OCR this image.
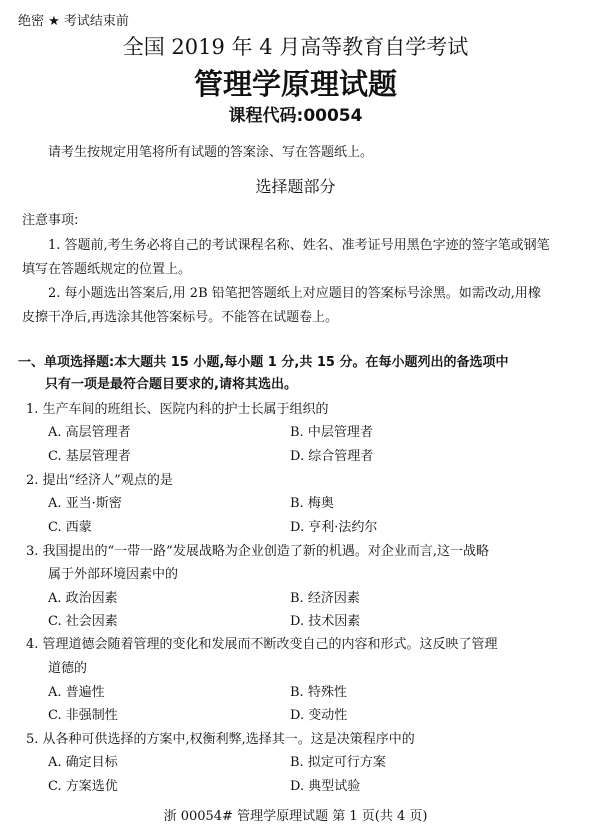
绝密 ★ 考试结束前
全国 2019 年 4 月高等教育自学考试
管理学原理试题
课程代码:00054
请考生按规定用笔将所有试题的答案涂、写在答题纸上。
选择题部分
注意事项:
1. 答题前,考生务必将自己的考试课程名称、姓名、准考证号用黑色字迹的签字笔或钢笔
填写在答题纸规定的位置上。
2. 每小题选出答案后,用 2B 铅笔把答题纸上对应题目的答案标号涂黑。如需改动,用橡
皮擦干净后,再选涂其他答案标号。不能答在试题卷上。
一、单项选择题:本大题共 15 小题,每小题 1 分,共 15 分。在每小题列出的备选项中
只有一项是最符合题目要求的,请将其选出。
1. 生产车间的班组长、医院内科的护士长属于组织的
A. 高层管理者	B. 中层管理者
C. 基层管理者	D. 综合管理者
2. 提出“经济人”观点的是
A. 亚当·斯密	B. 梅奥
C. 西蒙	D. 亨利·法约尔
3. 我国提出的“一带一路”发展战略为企业创造了新的机遇。对企业而言,这一战略
属于外部环境因素中的
A. 政治因素	B. 经济因素
C. 社会因素	D. 技术因素
4. 管理道德会随着管理的变化和发展而不断改变自己的内容和形式。这反映了管理
道德的
A. 普遍性	B. 特殊性
C. 非强制性	D. 变动性
5. 从各种可供选择的方案中,权衡利弊,选择其一。这是决策程序中的
A. 确定目标	B. 拟定可行方案
C. 方案选优	D. 典型试验
浙 00054# 管理学原理试题 第 1 页(共 4 页)
